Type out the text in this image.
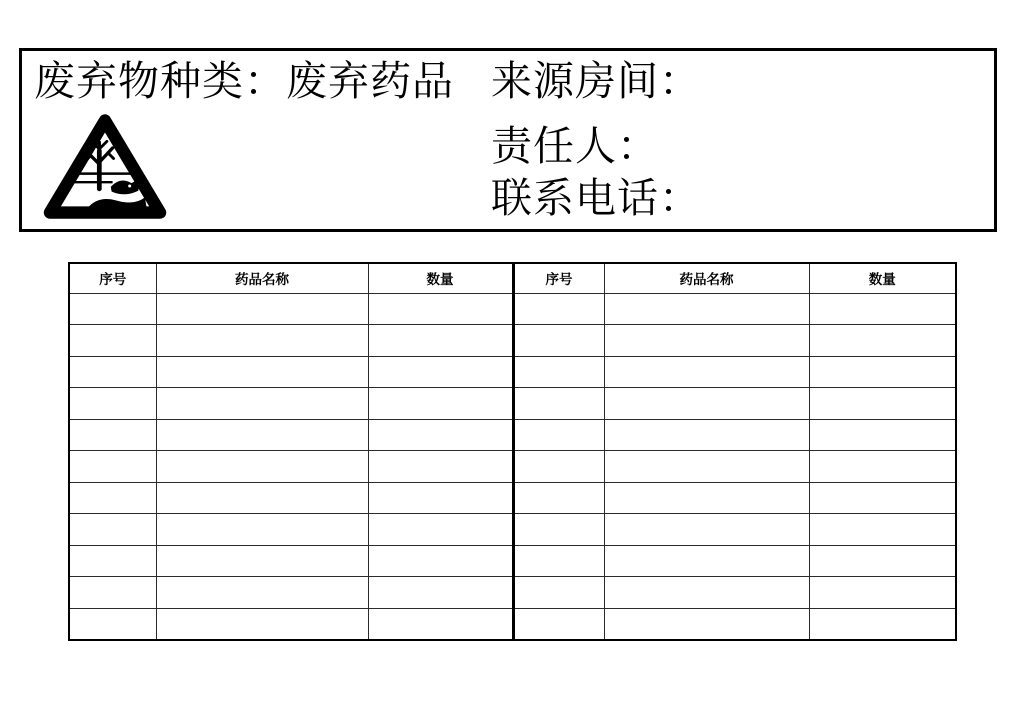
废弃物种类：废弃药品 来源房间：
责任人：
联系电话：
序号	药品名称	数量	序号	药品名称	数量
